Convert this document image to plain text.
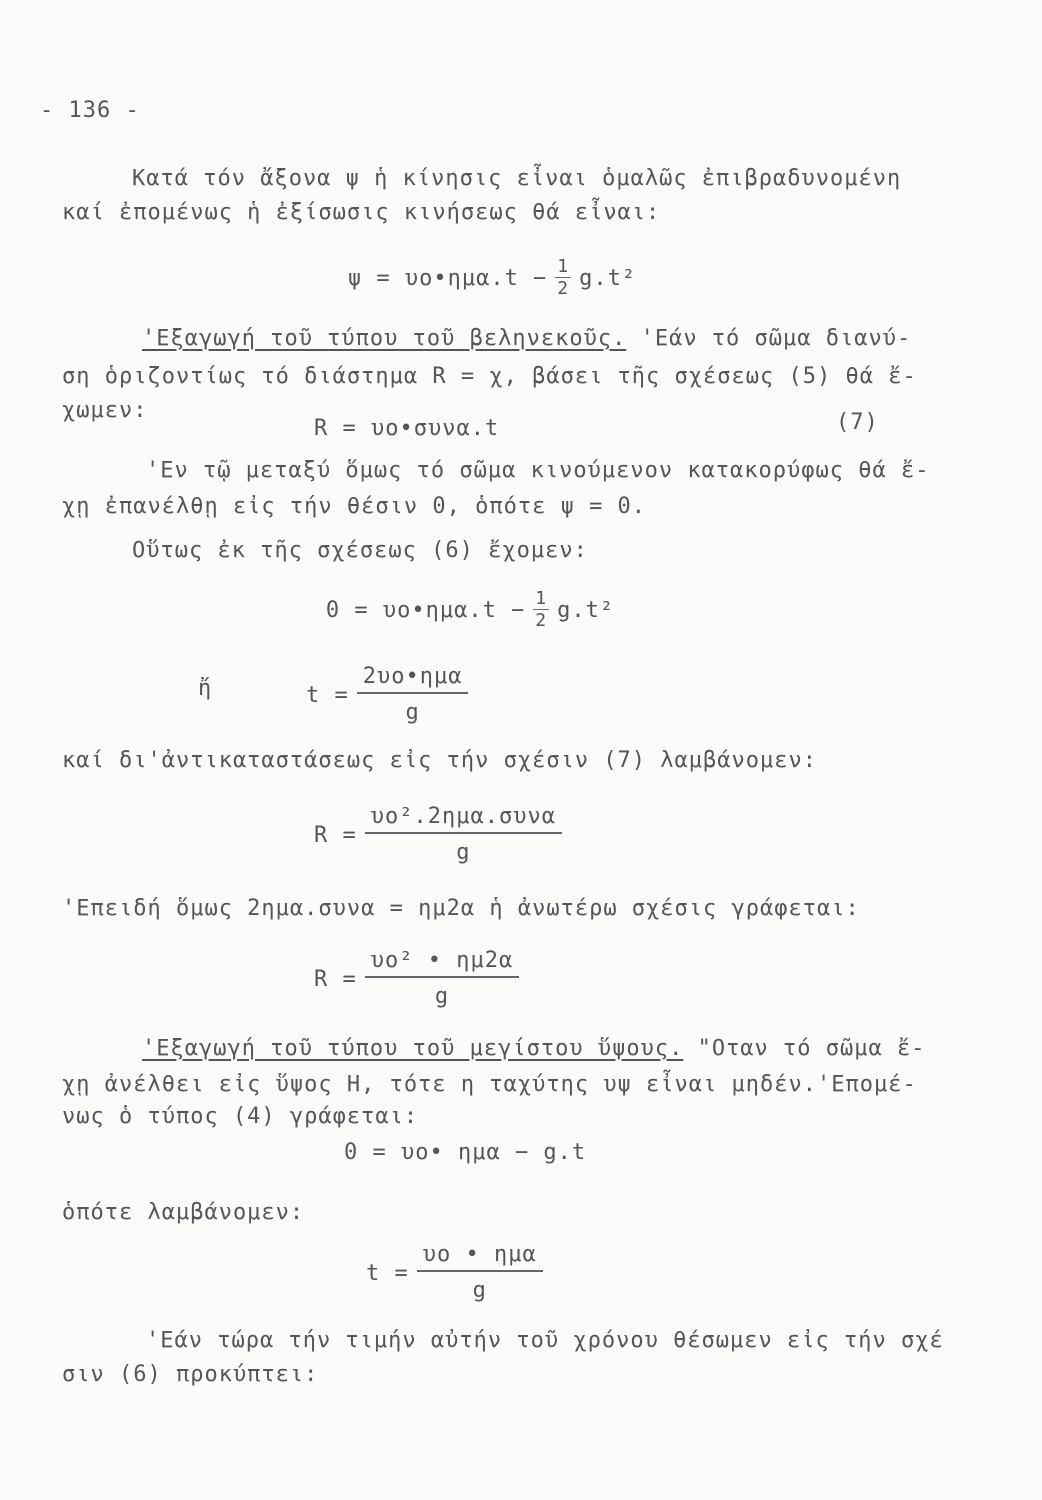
- 136 -
Κατά τόν ἄξονα ψ ἡ κίνησις εἶναι ὁμαλῶς ἐπιβραδυνομένη
καί ἐπομένως ἡ ἐξίσωσις κινήσεως θά εἶναι:
ψ = υο•ημα.t − $\frac{1}{2} g.t^2$
'Εξαγωγή τοῦ τύπου τοῦ βεληνεκοῦς. 'Εάν τό σῶμα διανύ-
ση ὁριζοντίως τό διάστημα R = χ, βάσει τῆς σχέσεως (5) θά ἔ-
χωμεν:
R = υο•συνα.t	(7)
'Εν τῷ μεταξύ ὅμως τό σῶμα κινούμενον κατακορύφως θά ἔ-
χῃ ἐπανέλθῃ εἰς τήν θέσιν 0, ὁπότε ψ = 0.
Οὕτως ἐκ τῆς σχέσεως (6) ἔχομεν:
0 = υο•ημα.t − $\frac{1}{2} g.t^2$
ἤ	$t = \frac{\text{2υο•ημα}}{g}$
καί δι'ἀντικαταστάσεως εἰς τήν σχέσιν (7) λαμβάνομεν:
$R = \frac{\text{υο².2ημα.συνα}}{g}$
'Επειδή ὅμως 2ημα.συνα = ημ2α ἡ ἀνωτέρω σχέσις γράφεται:
$R = \frac{\text{υο² • ημ2α}}{g}$
'Εξαγωγή τοῦ τύπου τοῦ μεγίστου ὕψους. "Οταν τό σῶμα ἔ-
χῃ ἀνέλθει εἰς ὕψος Η, τότε η ταχύτης υψ εἶναι μηδέν.'Επομέ-
νως ὁ τύπος (4) γράφεται:
0 = υο• ημα − g.t
ὁπότε λαμβάνομεν:
$t = \frac{\text{υο • ημα}}{g}$
'Εάν τώρα τήν τιμήν αὐτήν τοῦ χρόνου θέσωμεν εἰς τήν σχέ
σιν (6) προκύπτει:
